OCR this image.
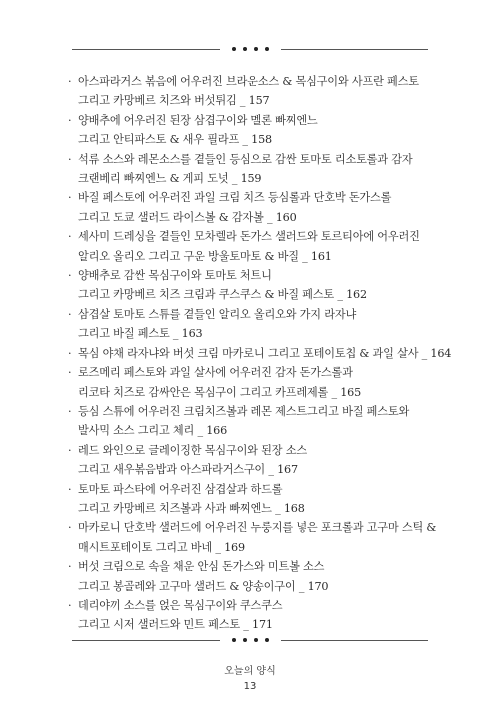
· 아스파라거스 볶음에 어우러진 브라운소스 & 목심구이와 사프란 페스토
그리고 카망베르 치즈와 버섯튀김 _ 157
· 양배추에 어우러진 된장 삼겹구이와 멜론 빠찌엔느
그리고 안티파스토 & 새우 필라프 _ 158
· 석류 소스와 레몬소스를 곁들인 등심으로 감싼 토마토 리소토롤과 감자
크랜베리 빠찌엔느 & 게피 도넛 _ 159
· 바질 페스토에 어우러진 과일 크림 치즈 등심롤과 단호박 돈가스롤
그리고 도쿄 샐러드 라이스볼 & 감자볼 _ 160
· 세사미 드레싱을 곁들인 모차렐라 돈가스 샐러드와 토르티아에 어우러진
알리오 올리오 그리고 구운 방울토마토 & 바질 _ 161
· 양배추로 감싼 목심구이와 토마토 처트니
그리고 카망베르 치즈 크림과 쿠스쿠스 & 바질 페스토 _ 162
· 삼겹살 토마토 스튜를 곁들인 알리오 올리오와 가지 라자냐
그리고 바질 페스토 _ 163
· 목심 야채 라자냐와 버섯 크림 마카로니 그리고 포테이토칩 & 과일 살사 _ 164
· 로즈메리 페스토와 과일 살사에 어우러진 감자 돈가스롤과
리코타 치즈로 감싸안은 목심구이 그리고 카프레제롤 _ 165
· 등심 스튜에 어우러진 크림치즈볼과 레몬 제스트그리고 바질 페스토와
발사믹 소스 그리고 체리 _ 166
· 레드 와인으로 글레이징한 목심구이와 된장 소스
그리고 새우볶음밥과 아스파라거스구이 _ 167
· 토마토 파스타에 어우러진 삼겹살과 하드롤
그리고 카망베르 치즈볼과 사과 빠찌엔느 _ 168
· 마카로니 단호박 샐러드에 어우러진 누룽지를 넣은 포크롤과 고구마 스틱 &
매시트포테이토 그리고 바네 _ 169
· 버섯 크림으로 속을 채운 안심 돈가스와 미트볼 소스
그리고 봉골레와 고구마 샐러드 & 양송이구이 _ 170
· 데리야끼 소스를 얹은 목심구이와 쿠스쿠스
그리고 시저 샐러드와 민트 페스토 _ 171
오늘의 양식
13
